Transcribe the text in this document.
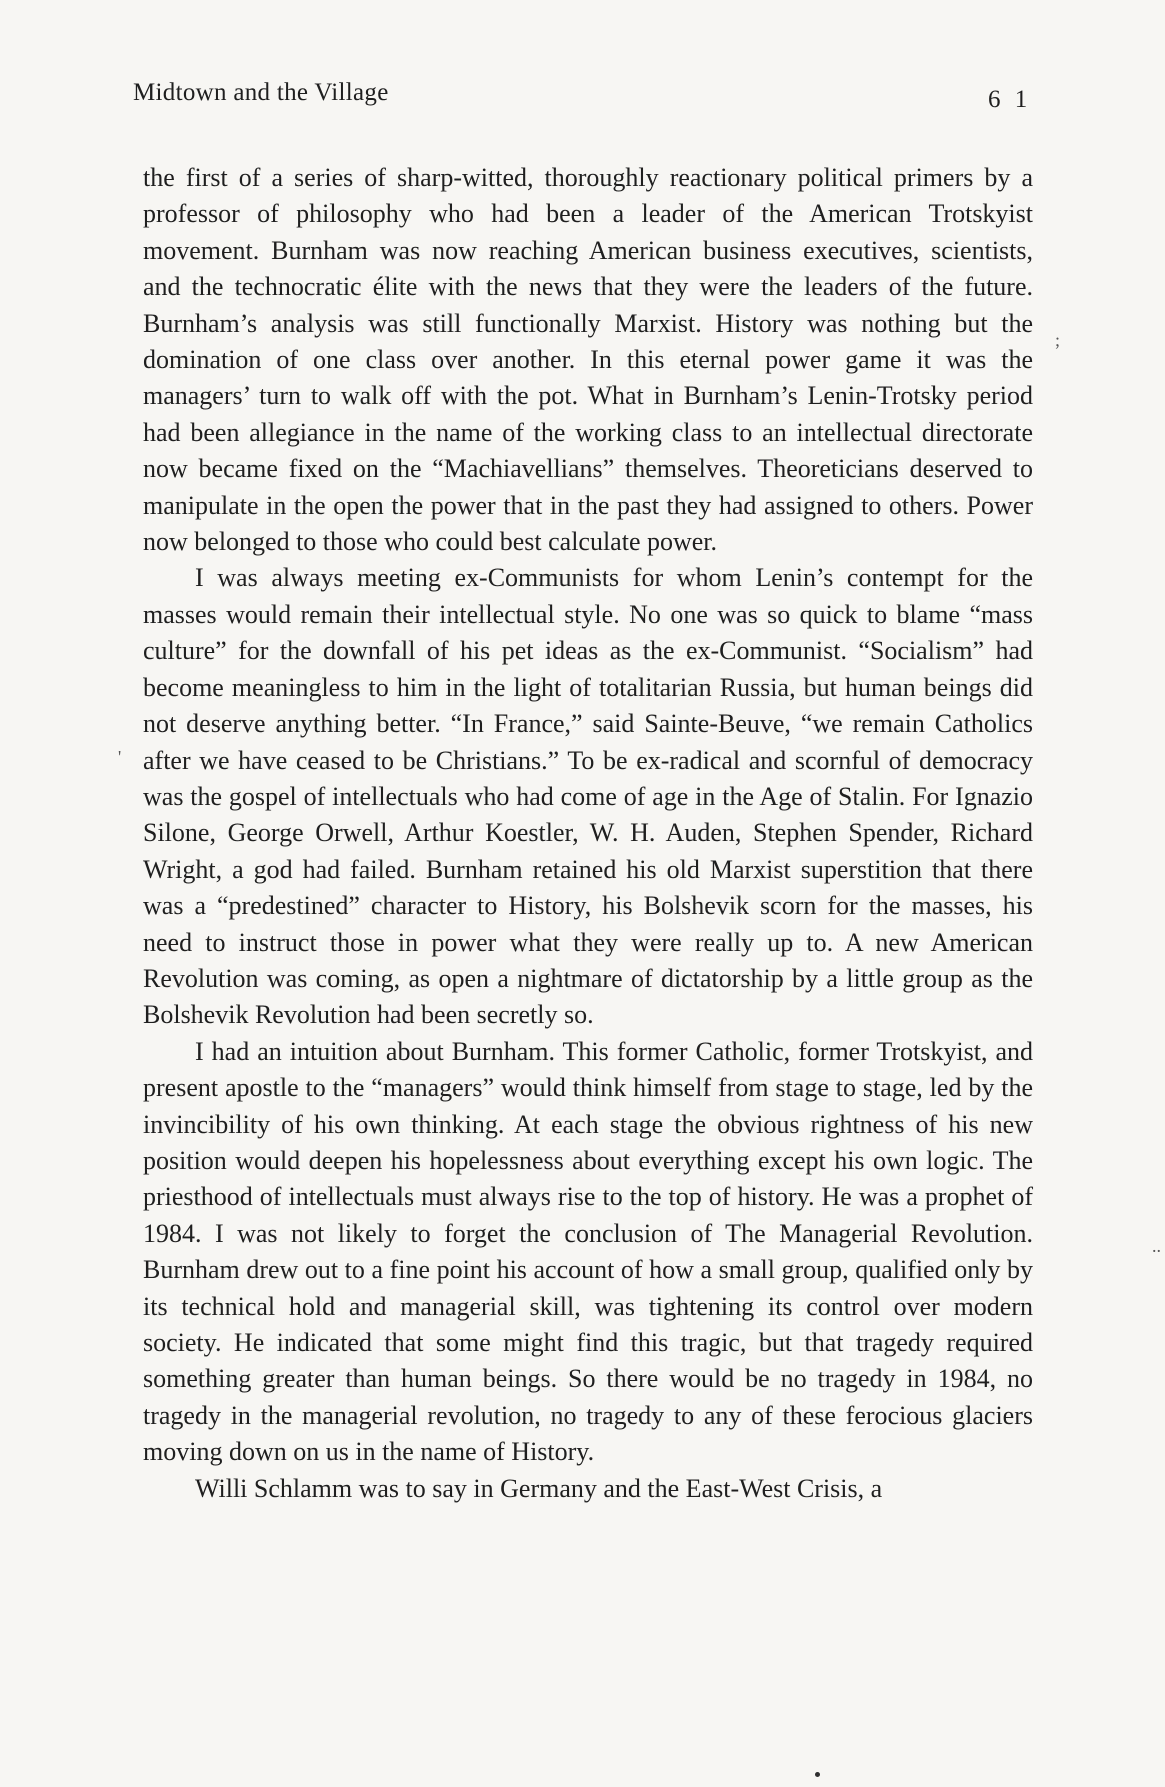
Midtown and the Village	6 1

the first of a series of sharp-witted, thoroughly reactionary political primers by a professor of philosophy who had been a leader of the American Trotskyist movement. Burnham was now reaching American business executives, scientists, and the technocratic élite with the news that they were the leaders of the future. Burnham’s analysis was still functionally Marxist. History was nothing but the domination of one class over another. In this eternal power game it was the managers’ turn to walk off with the pot. What in Burnham’s Lenin-Trotsky period had been allegiance in the name of the working class to an intellectual directorate now became fixed on the “Machiavellians” themselves. Theoreticians deserved to manipulate in the open the power that in the past they had assigned to others. Power now belonged to those who could best calculate power.

I was always meeting ex-Communists for whom Lenin’s contempt for the masses would remain their intellectual style. No one was so quick to blame “mass culture” for the downfall of his pet ideas as the ex-Communist. “Socialism” had become meaningless to him in the light of totalitarian Russia, but human beings did not deserve anything better. “In France,” said Sainte-Beuve, “we remain Catholics after we have ceased to be Christians.” To be ex-radical and scornful of democracy was the gospel of intellectuals who had come of age in the Age of Stalin. For Ignazio Silone, George Orwell, Arthur Koestler, W. H. Auden, Stephen Spender, Richard Wright, a god had failed. Burnham retained his old Marxist superstition that there was a “predestined” character to History, his Bolshevik scorn for the masses, his need to instruct those in power what they were really up to. A new American Revolution was coming, as open a nightmare of dictatorship by a little group as the Bolshevik Revolution had been secretly so.

I had an intuition about Burnham. This former Catholic, former Trotskyist, and present apostle to the “managers” would think himself from stage to stage, led by the invincibility of his own thinking. At each stage the obvious rightness of his new position would deepen his hopelessness about everything except his own logic. The priesthood of intellectuals must always rise to the top of history. He was a prophet of 1984. I was not likely to forget the conclusion of The Managerial Revolution. Burnham drew out to a fine point his account of how a small group, qualified only by its technical hold and managerial skill, was tightening its control over modern society. He indicated that some might find this tragic, but that tragedy required something greater than human beings. So there would be no tragedy in 1984, no tragedy in the managerial revolution, no tragedy to any of these ferocious glaciers moving down on us in the name of History.

Willi Schlamm was to say in Germany and the East-West Crisis, a

;
'
..
